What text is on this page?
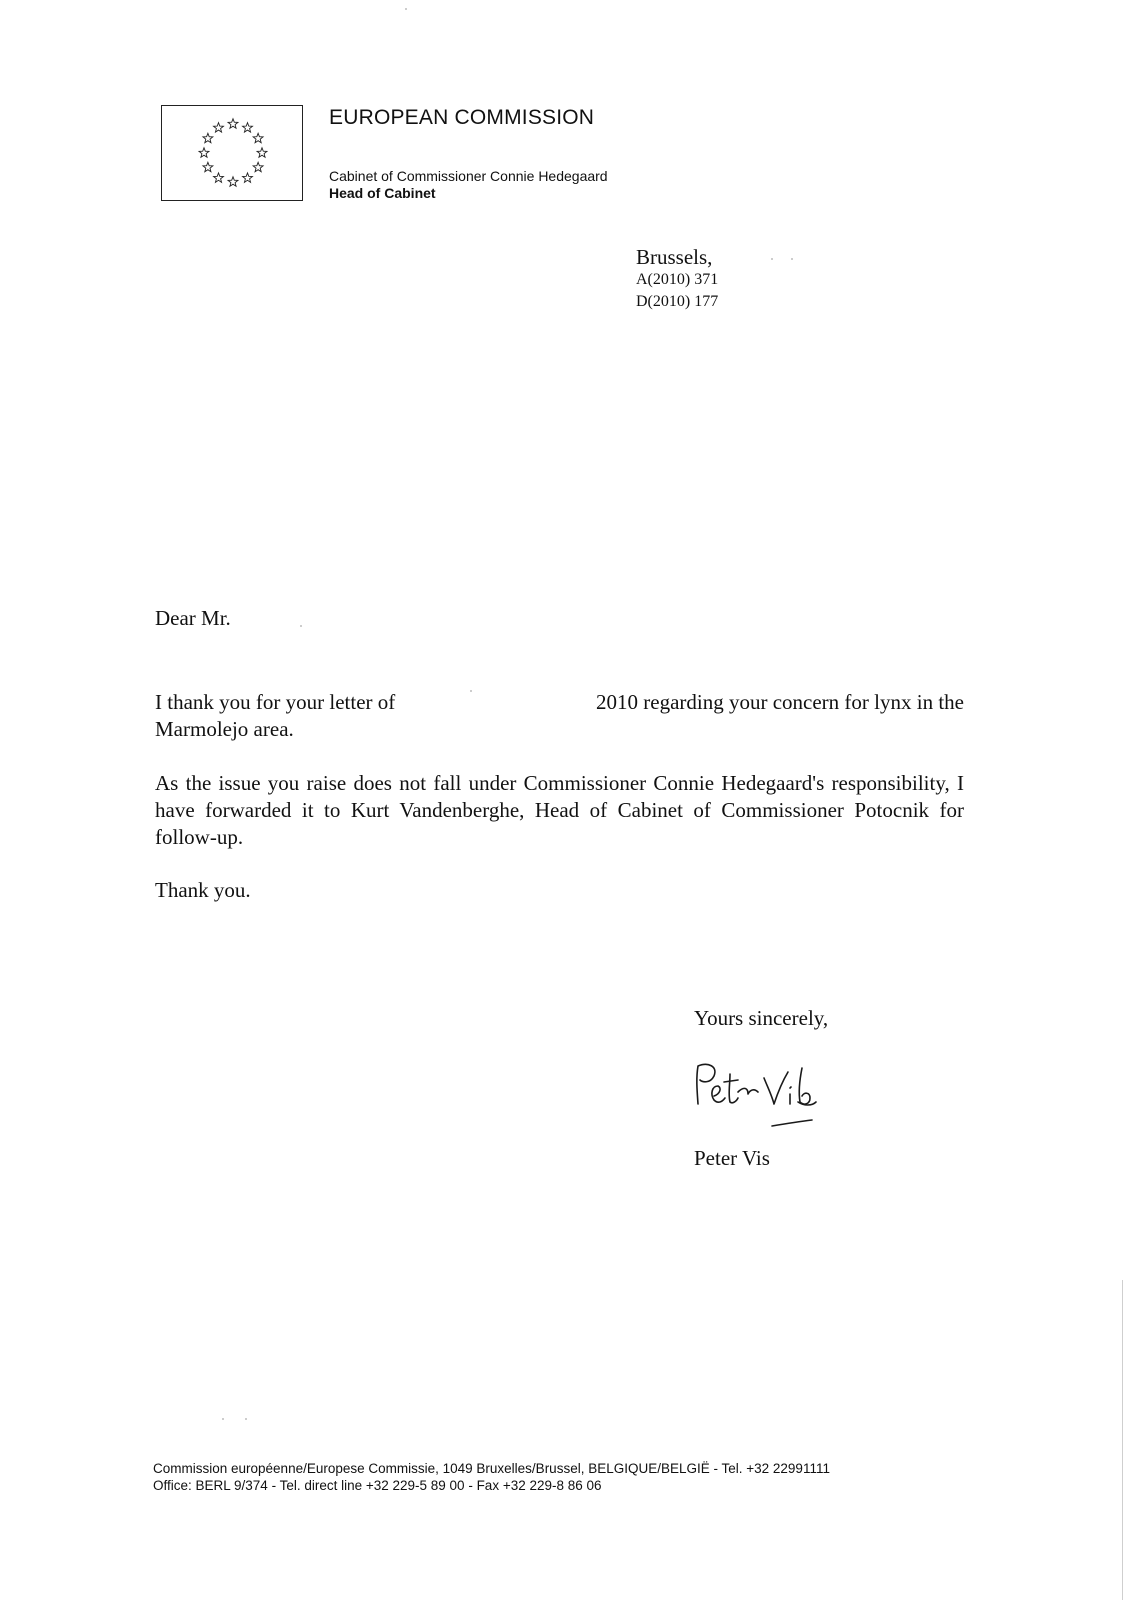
EUROPEAN COMMISSION
Cabinet of Commissioner Connie Hedegaard
Head of Cabinet
Brussels,
A(2010) 371
D(2010) 177
Dear Mr.
I thank you for your letter of	2010 regarding your concern for lynx in the
Marmolejo area.

As the issue you raise does not fall under Commissioner Connie Hedegaard's responsibility, I have forwarded it to Kurt Vandenberghe, Head of Cabinet of Commissioner Potocnik for follow-up.

Thank you.
Yours sincerely,
Peter Vis
Commission européenne/Europese Commissie, 1049 Bruxelles/Brussel, BELGIQUE/BELGIË - Tel. +32 22991111
Office: BERL 9/374 - Tel. direct line +32 229-5 89 00 - Fax +32 229-8 86 06
